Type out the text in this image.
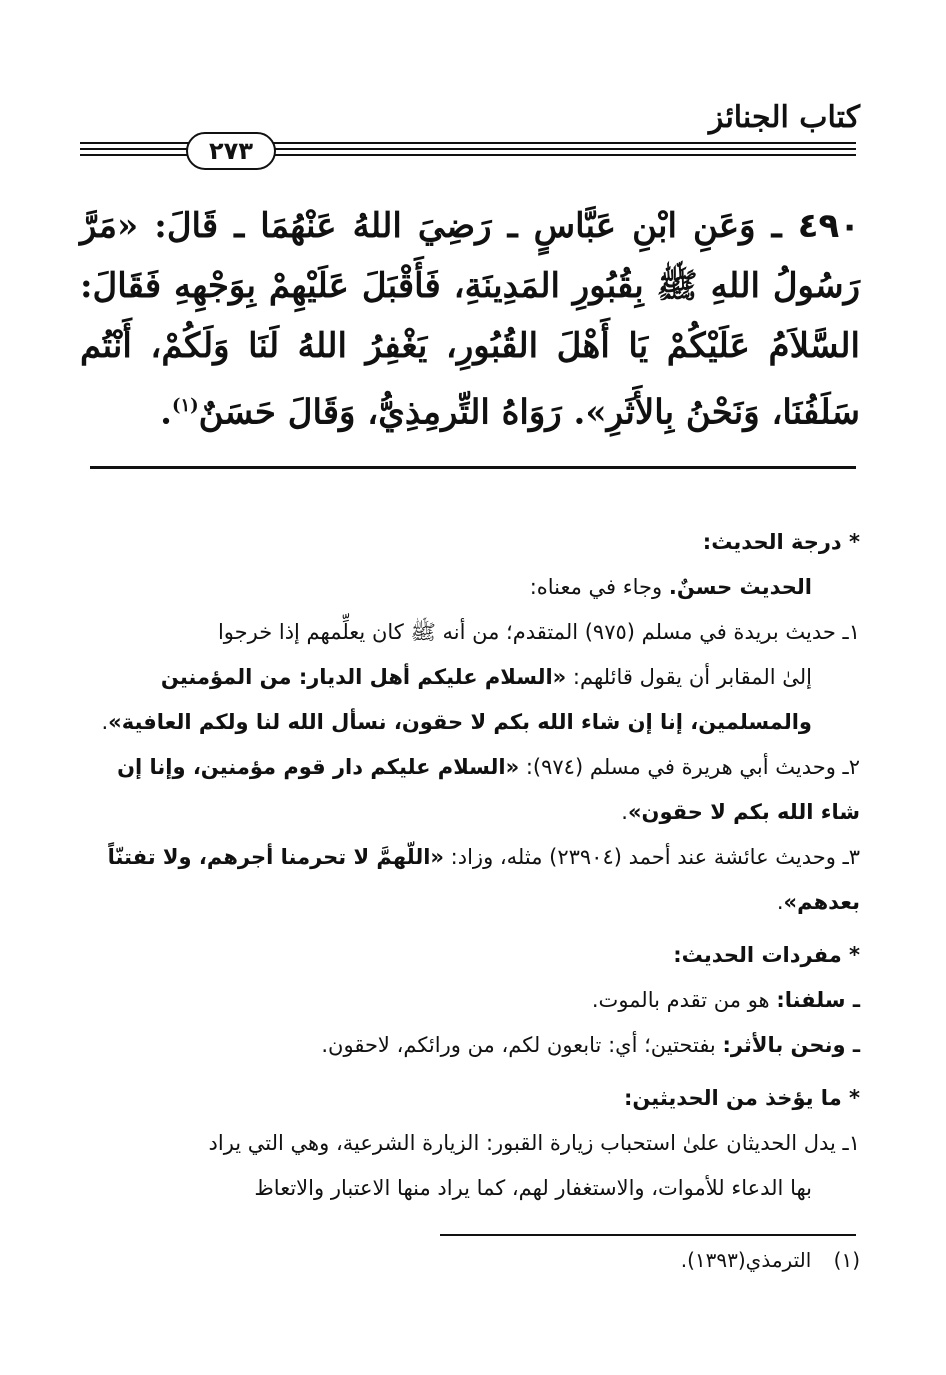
كتاب الجنائز
٢٧٣
٤٩٠ ـ وَعَنِ ابْنِ عَبَّاسٍ ـ رَضِيَ اللهُ عَنْهُمَا ـ قَالَ: «مَرَّ رَسُولُ اللهِ ﷺ بِقُبُورِ المَدِينَةِ، فَأَقْبَلَ عَلَيْهِمْ بِوَجْهِهِ فَقَالَ: السَّلاَمُ عَلَيْكُمْ يَا أَهْلَ القُبُورِ، يَغْفِرُ اللهُ لَنَا وَلَكُمْ، أَنْتُم سَلَفُنَا، وَنَحْنُ بِالأَثَرِ». رَوَاهُ التِّرمِذِيُّ، وَقَالَ حَسَنٌ$^{(١)}$.
* درجة الحديث:

الحديث حسنٌ. وجاء في معناه:

١ـ حديث بريدة في مسلم (٩٧٥) المتقدم؛ من أنه ﷺ كان يعلِّمهم إذا خرجوا
إلىٰ المقابر أن يقول قائلهم: «السلام عليكم أهل الديار: من المؤمنين والمسلمين، إنا إن شاء الله بكم لا حقون، نسأل الله لنا ولكم العافية».

٢ـ وحديث أبي هريرة في مسلم (٩٧٤): «السلام عليكم دار قوم مؤمنين، وإنا إن شاء الله بكم لا حقون».

٣ـ وحديث عائشة عند أحمد (٢٣٩٠٤) مثله، وزاد: «اللّهمَّ لا تحرمنا أجرهم، ولا تفتنّاً بعدهم».

* مفردات الحديث:

ـ سلفنا: هو من تقدم بالموت.

ـ ونحن بالأثر: بفتحتين؛ أي: تابعون لكم، من ورائكم، لاحقون.

* ما يؤخذ من الحديثين:

١ـ يدل الحديثان علىٰ استحباب زيارة القبور: الزيارة الشرعية، وهي التي يراد
بها الدعاء للأموات، والاستغفار لهم، كما يراد منها الاعتبار والاتعاظ

(١) الترمذي(١٣٩٣).
